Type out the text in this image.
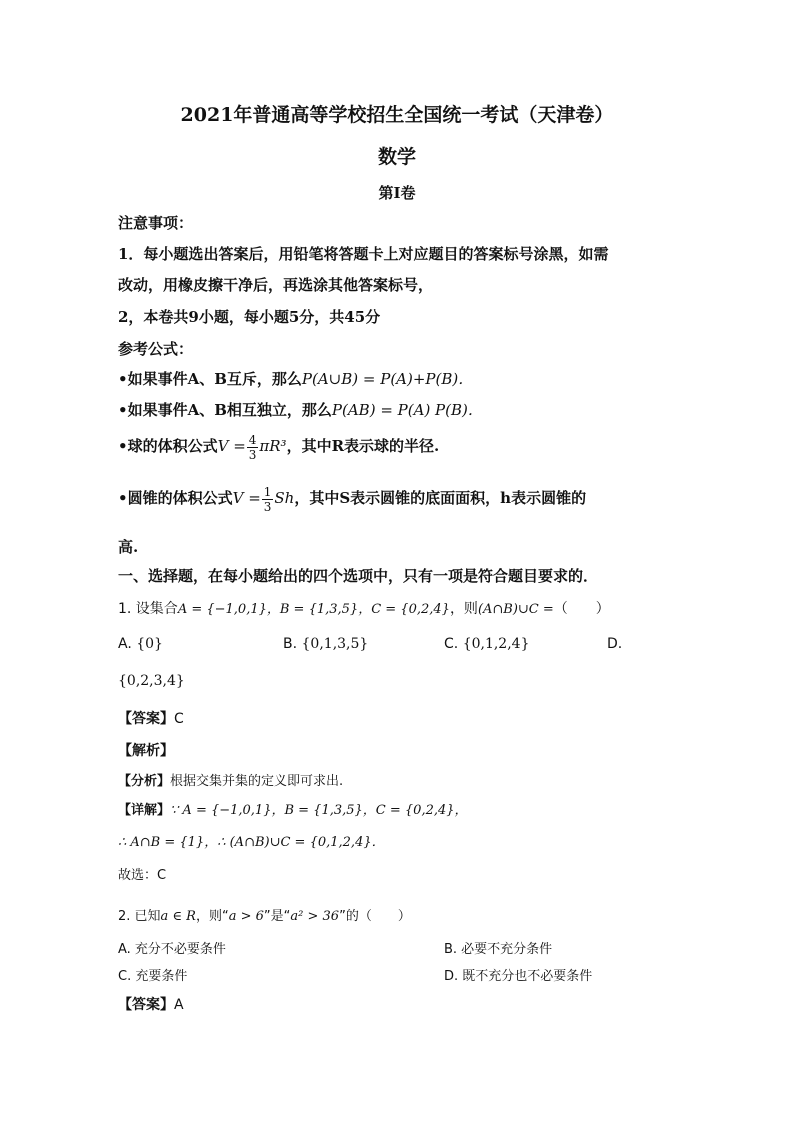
2021年普通高等学校招生全国统一考试（天津卷）
数学
第I卷
注意事项：
1．每小题选出答案后，用铅笔将答题卡上对应题目的答案标号涂黑，如需
改动，用橡皮擦干净后，再选涂其他答案标号，
2，本卷共9小题，每小题5分，共45分
参考公式：
•如果事件A、B互斥，那么P(A∪B) = P(A)+P(B)．
•如果事件A、B相互独立，那么P(AB) = P(A) P(B)．
•球的体积公式$V = \frac{4}{3} \pi R^3$，其中R表示球的半径.
•圆锥的体积公式$V = \frac{1}{3}$ Sh，其中S表示圆锥的底面面积，h表示圆锥的
高.
一、选择题，在每小题给出的四个选项中，只有一项是符合题目要求的．
1. 设集合A = {−1,0,1}，B = {1,3,5}，C = {0,2,4}，则(A∩B)∪C =（　　）
A. {0}	B. {0,1,3,5}	C. {0,1,2,4}	D.
{0,2,3,4}
【答案】C
【解析】
【分析】根据交集并集的定义即可求出.
【详解】∵ A = {−1,0,1}，B = {1,3,5}，C = {0,2,4}，
∴ A∩B = {1}，∴ (A∩B)∪C = {0,1,2,4}．
故选：C
2. 已知a ∈ R，则“a > 6”是“a² > 36”的（　　）
A. 充分不必要条件	B. 必要不充分条件
C. 充要条件	D. 既不充分也不必要条件
【答案】A
